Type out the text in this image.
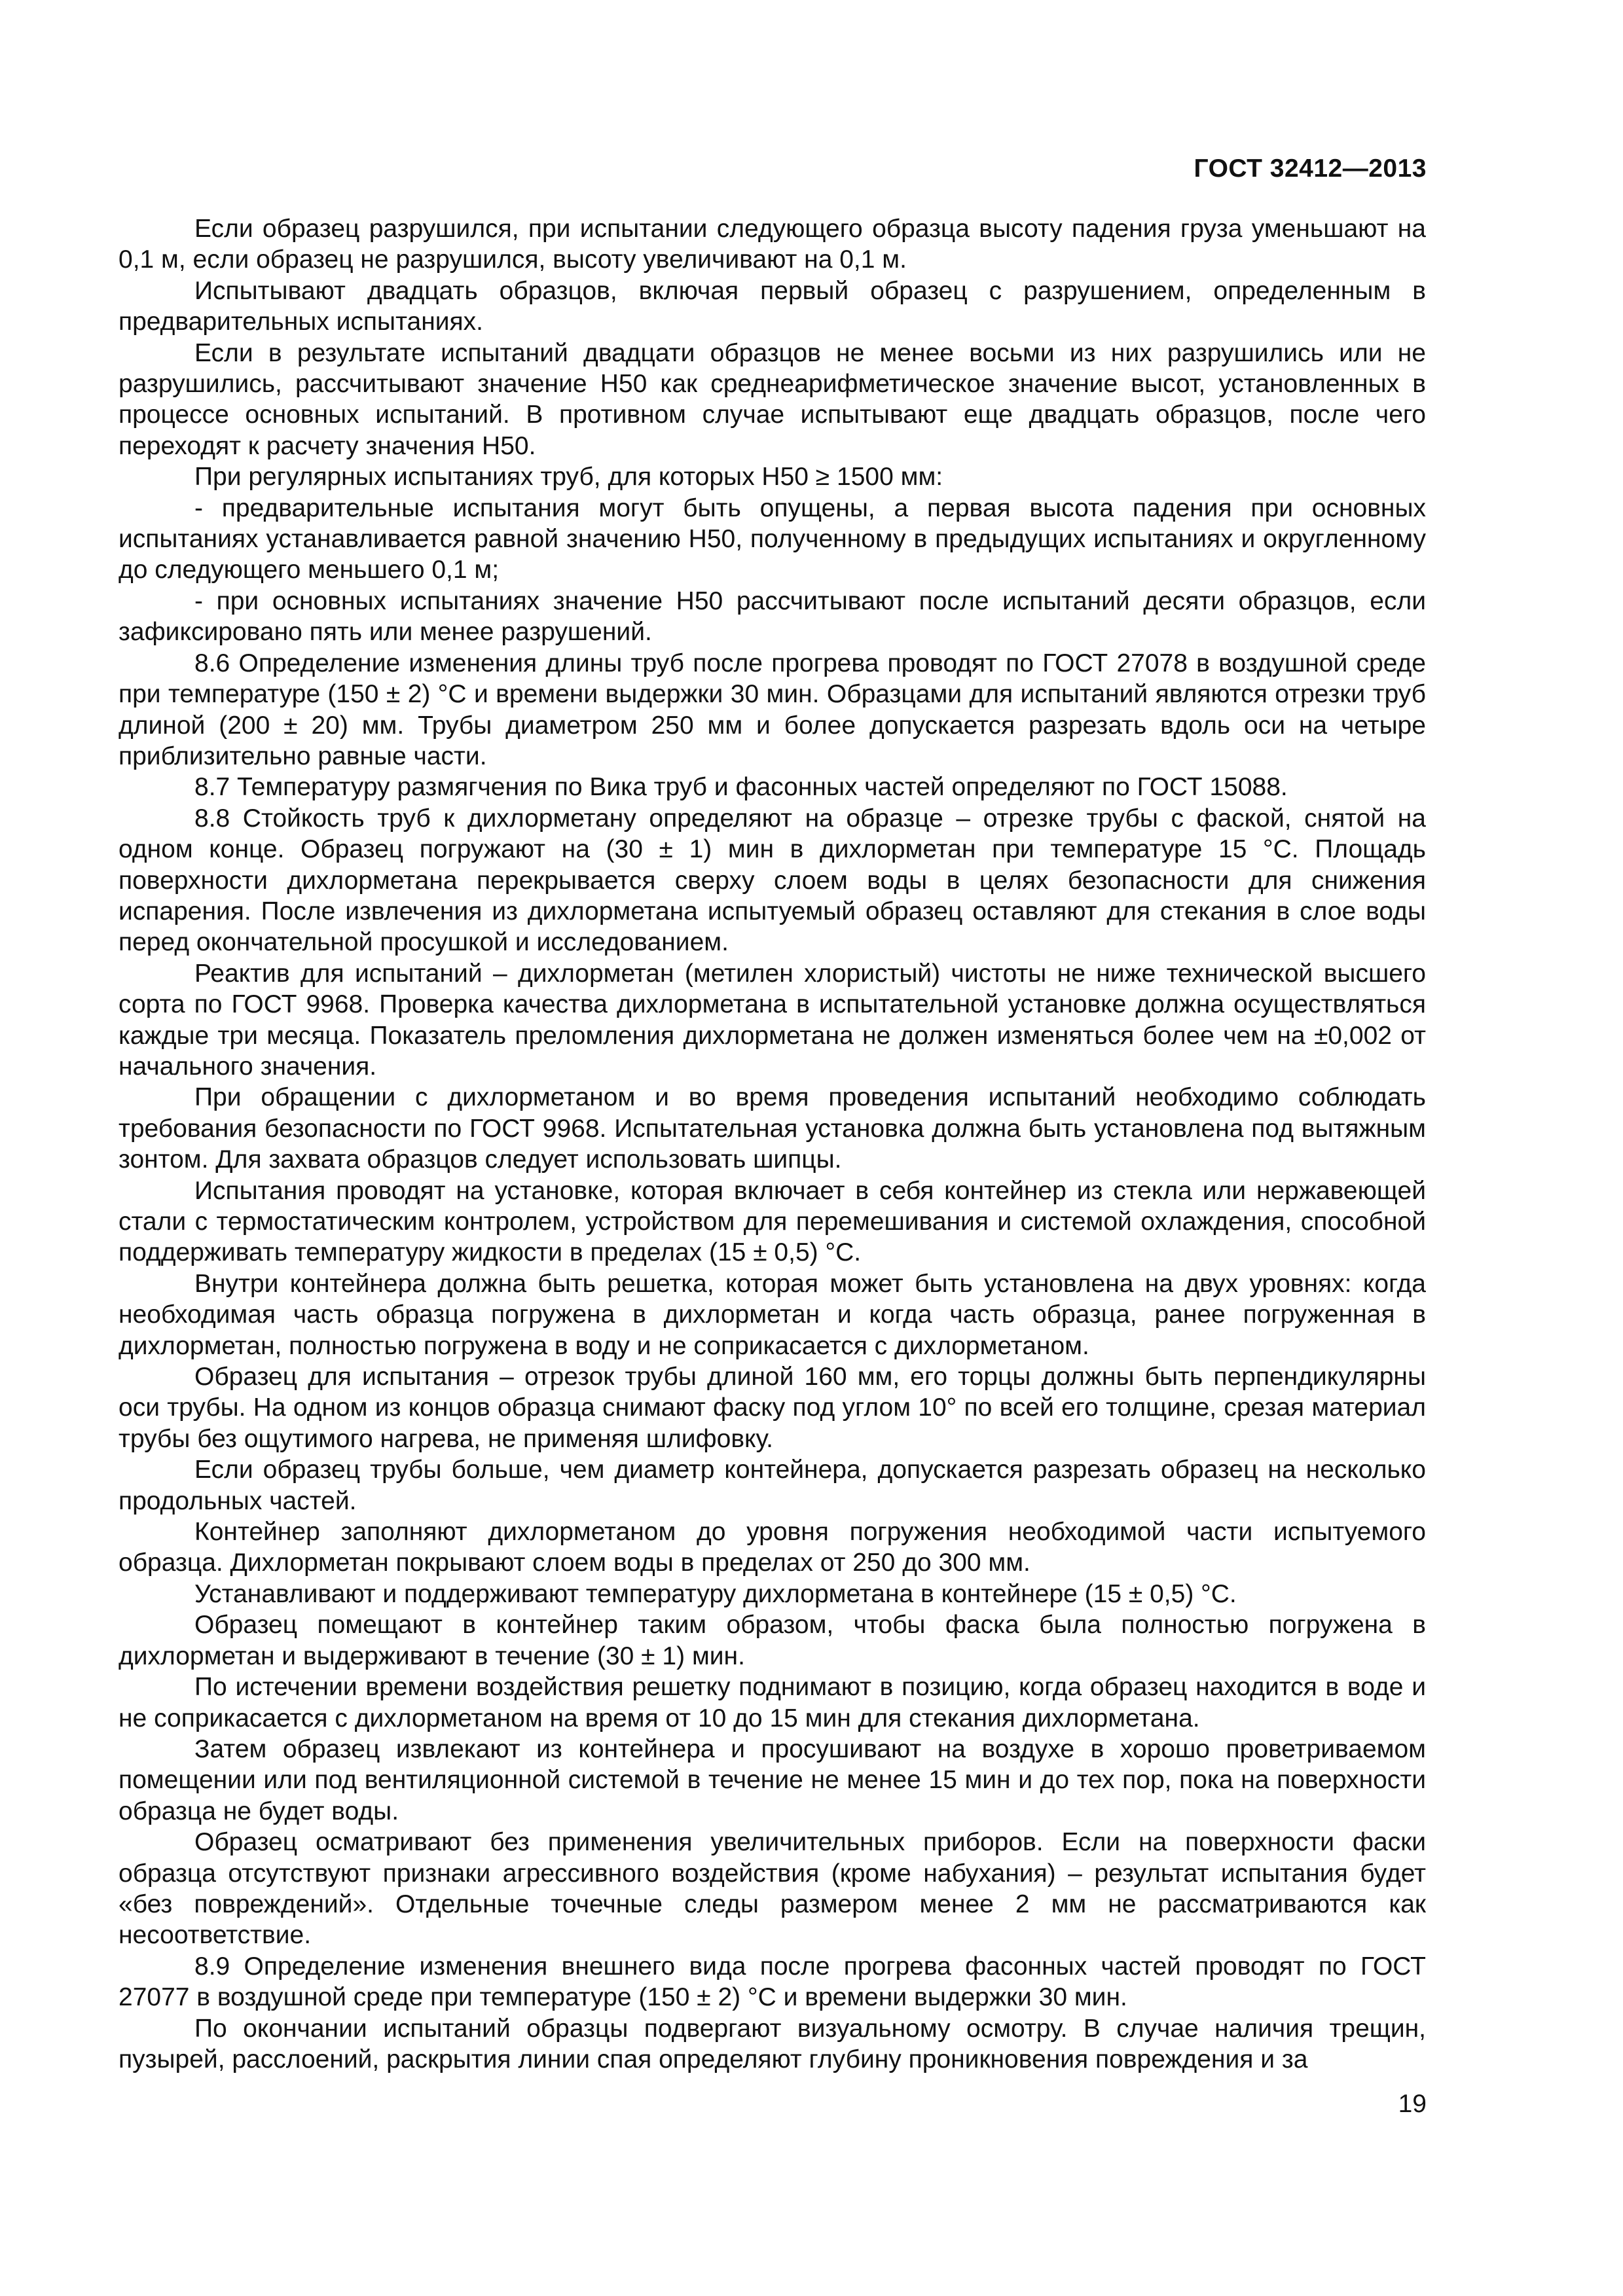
ГОСТ 32412—2013

Если образец разрушился, при испытании следующего образца высоту падения груза уменьшают на 0,1 м, если образец не разрушился, высоту увеличивают на 0,1 м.

Испытывают двадцать образцов, включая первый образец с разрушением, определенным в предварительных испытаниях.

Если в результате испытаний двадцати образцов не менее восьми из них разрушились или не разрушились, рассчитывают значение Н50 как среднеарифметическое значение высот, установленных в процессе основных испытаний. В противном случае испытывают еще двадцать образцов, после чего переходят к расчету значения Н50.

При регулярных испытаниях труб, для которых Н50 ≥ 1500 мм:

- предварительные испытания могут быть опущены, а первая высота падения при основных испытаниях устанавливается равной значению Н50, полученному в предыдущих испытаниях и округленному до следующего меньшего 0,1 м;

- при основных испытаниях значение Н50 рассчитывают после испытаний десяти образцов, если зафиксировано пять или менее разрушений.

8.6 Определение изменения длины труб после прогрева проводят по ГОСТ 27078 в воздушной среде при температуре (150 ± 2) °С и времени выдержки 30 мин. Образцами для испытаний являются отрезки труб длиной (200 ± 20) мм. Трубы диаметром 250 мм и более допускается разрезать вдоль оси на четыре приблизительно равные части.

8.7 Температуру размягчения по Вика труб и фасонных частей определяют по ГОСТ 15088.

8.8 Стойкость труб к дихлорметану определяют на образце – отрезке трубы с фаской, снятой на одном конце. Образец погружают на (30 ± 1) мин в дихлорметан при температуре 15 °С. Площадь поверхности дихлорметана перекрывается сверху слоем воды в целях безопасности для снижения испарения. После извлечения из дихлорметана испытуемый образец оставляют для стекания в слое воды перед окончательной просушкой и исследованием.

Реактив для испытаний – дихлорметан (метилен хлористый) чистоты не ниже технической высшего сорта по ГОСТ 9968. Проверка качества дихлорметана в испытательной установке должна осуществляться каждые три месяца. Показатель преломления дихлорметана не должен изменяться более чем на ±0,002 от начального значения.

При обращении с дихлорметаном и во время проведения испытаний необходимо соблюдать требования безопасности по ГОСТ 9968. Испытательная установка должна быть установлена под вытяжным зонтом. Для захвата образцов следует использовать шипцы.

Испытания проводят на установке, которая включает в себя контейнер из стекла или нержавеющей стали с термостатическим контролем, устройством для перемешивания и системой охлаждения, способной поддерживать температуру жидкости в пределах (15 ± 0,5) °С.

Внутри контейнера должна быть решетка, которая может быть установлена на двух уровнях: когда необходимая часть образца погружена в дихлорметан и когда часть образца, ранее погруженная в дихлорметан, полностью погружена в воду и не соприкасается с дихлорметаном.

Образец для испытания – отрезок трубы длиной 160 мм, его торцы должны быть перпендикулярны оси трубы. На одном из концов образца снимают фаску под углом 10° по всей его толщине, срезая материал трубы без ощутимого нагрева, не применяя шлифовку.

Если образец трубы больше, чем диаметр контейнера, допускается разрезать образец на несколько продольных частей.

Контейнер заполняют дихлорметаном до уровня погружения необходимой части испытуемого образца. Дихлорметан покрывают слоем воды в пределах от 250 до 300 мм.

Устанавливают и поддерживают температуру дихлорметана в контейнере (15 ± 0,5) °С.

Образец помещают в контейнер таким образом, чтобы фаска была полностью погружена в дихлорметан и выдерживают в течение (30 ± 1) мин.

По истечении времени воздействия решетку поднимают в позицию, когда образец находится в воде и не соприкасается с дихлорметаном на время от 10 до 15 мин для стекания дихлорметана.

Затем образец извлекают из контейнера и просушивают на воздухе в хорошо проветриваемом помещении или под вентиляционной системой в течение не менее 15 мин и до тех пор, пока на поверхности образца не будет воды.

Образец осматривают без применения увеличительных приборов. Если на поверхности фаски образца отсутствуют признаки агрессивного воздействия (кроме набухания) – результат испытания будет «без повреждений». Отдельные точечные следы размером менее 2 мм не рассматриваются как несоответствие.

8.9 Определение изменения внешнего вида после прогрева фасонных частей проводят по ГОСТ 27077 в воздушной среде при температуре (150 ± 2) °С и времени выдержки 30 мин.

По окончании испытаний образцы подвергают визуальному осмотру. В случае наличия трещин, пузырей, расслоений, раскрытия линии спая определяют глубину проникновения повреждения и за

19
